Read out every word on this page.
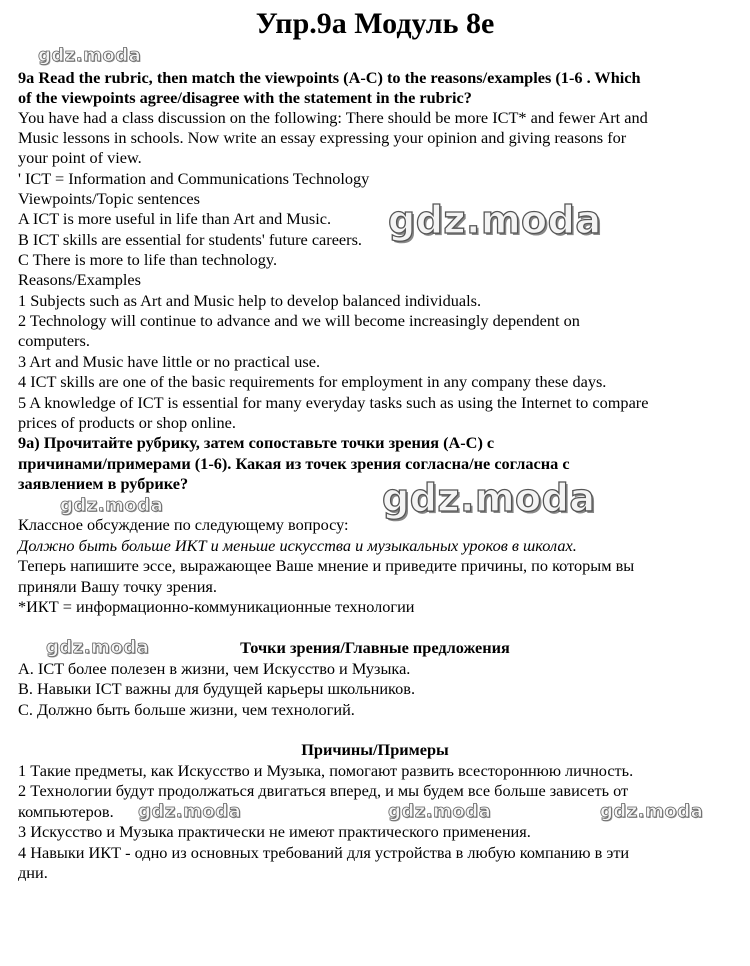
Упр.9а Модуль 8е
gdz.moda
gdz.moda
gdz.moda
gdz.moda
gdz.moda
gdz.moda	gdz.moda	gdz.moda
9a Read the rubric, then match the viewpoints (A-C) to the reasons/examples (1-6 . Which
of the viewpoints agree/disagree with the statement in the rubric?
You have had a class discussion on the following: There should be more ICT* and fewer Art and
Music lessons in schools. Now write an essay expressing your opinion and giving reasons for
your point of view.
' ICT = Information and Communications Technology
Viewpoints/Topic sentences
A ICT is more useful in life than Art and Music.
B ICT skills are essential for students' future careers.
C There is more to life than technology.
Reasons/Examples
1 Subjects such as Art and Music help to develop balanced individuals.
2 Technology will continue to advance and we will become increasingly dependent on
computers.
3 Art and Music have little or no practical use.
4 ICT skills are one of the basic requirements for employment in any company these days.
5 A knowledge of ICT is essential for many everyday tasks such as using the Internet to compare
prices of products or shop online.
9а) Прочитайте рубрику, затем сопоставьте точки зрения (A-C) с
причинами/примерами (1-6). Какая из точек зрения согласна/не согласна с
заявлением в рубрике?
Классное обсуждение по следующему вопросу:
Должно быть больше ИКТ и меньше искусства и музыкальных уроков в школах.
Теперь напишите эссе, выражающее Ваше мнение и приведите причины, по которым вы
приняли Вашу точку зрения.
*ИКТ = информационно-коммуникационные технологии
Точки зрения/Главные предложения
A. ICT более полезен в жизни, чем Искусство и Музыка.
B. Навыки ICT важны для будущей карьеры школьников.
C. Должно быть больше жизни, чем технологий.
Причины/Примеры
1 Такие предметы, как Искусство и Музыка, помогают развить всестороннюю личность.
2 Технологии будут продолжаться двигаться вперед, и мы будем все больше зависеть от
компьютеров.
3 Искусство и Музыка практически не имеют практического применения.
4 Навыки ИКТ - одно из основных требований для устройства в любую компанию в эти
дни.
